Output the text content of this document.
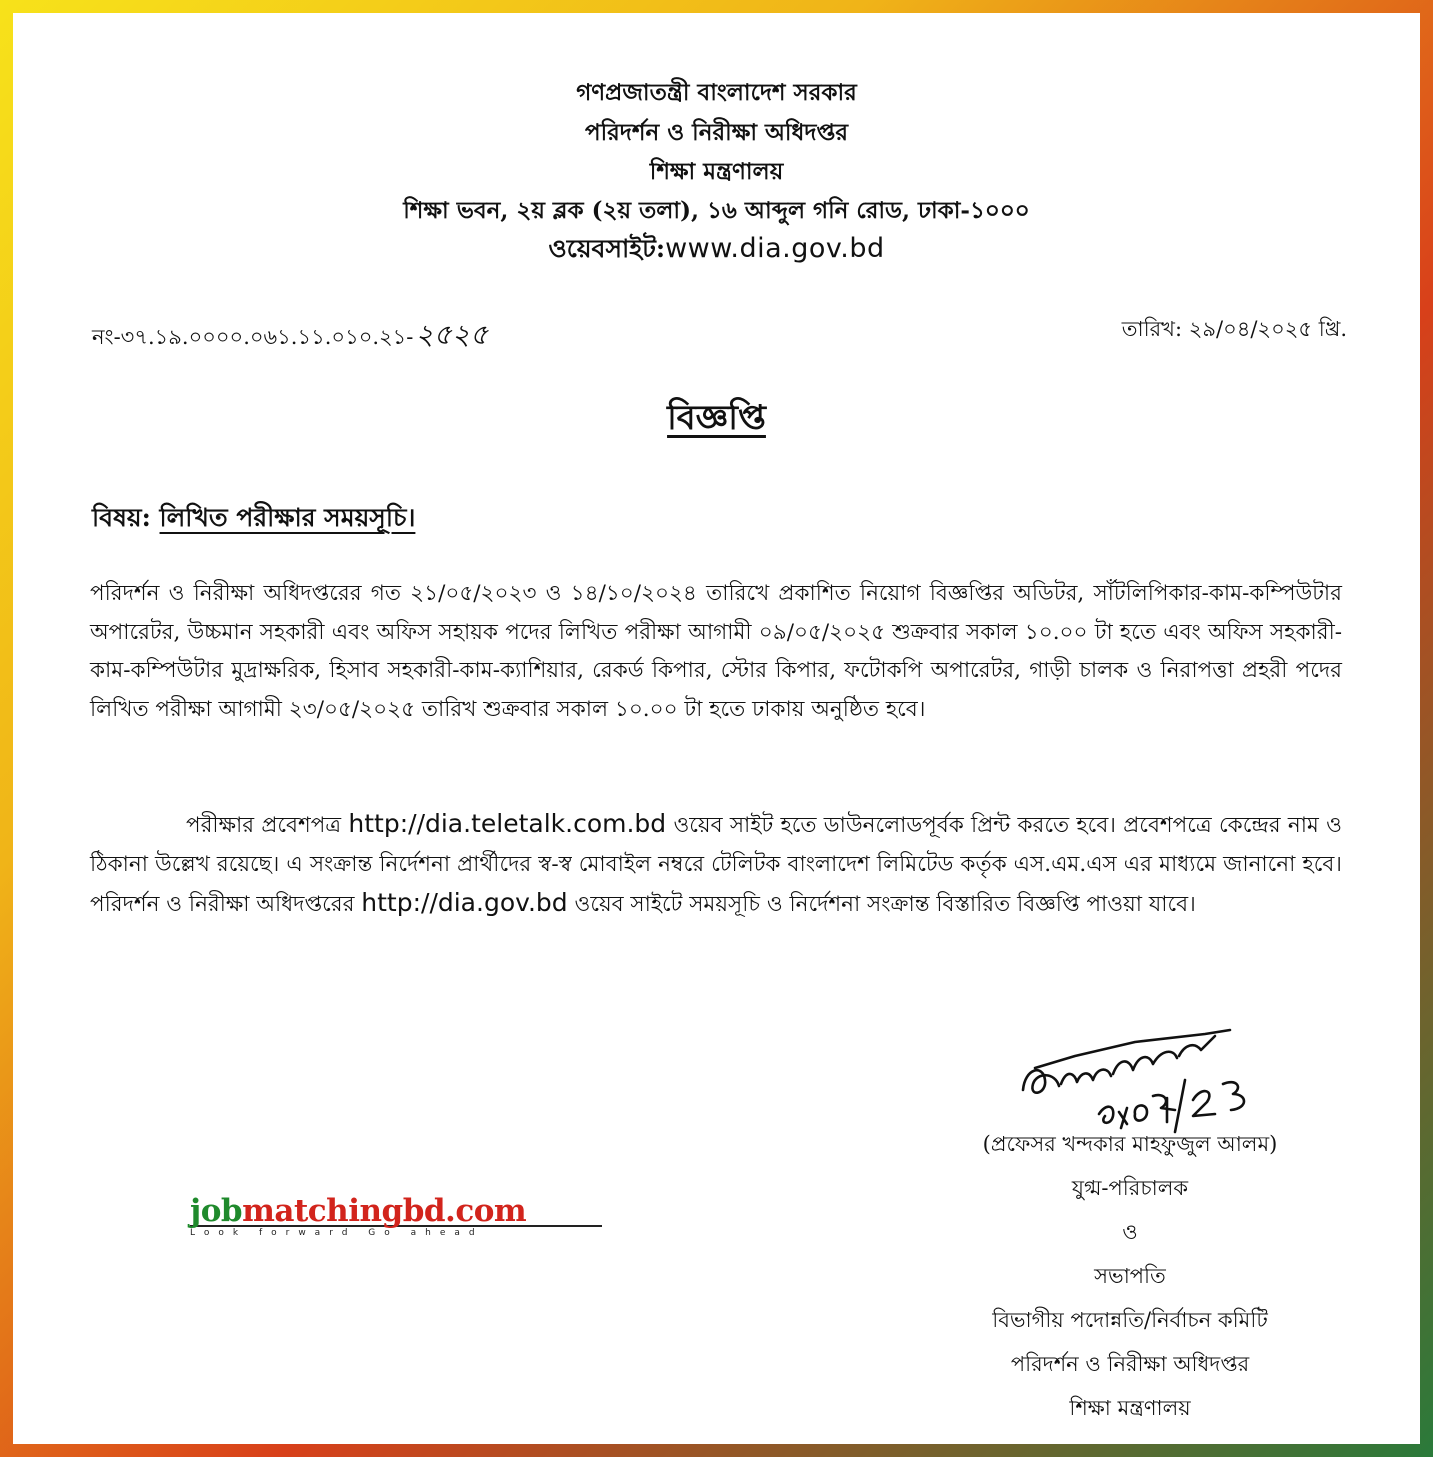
গণপ্রজাতন্ত্রী বাংলাদেশ সরকার
পরিদর্শন ও নিরীক্ষা অধিদপ্তর
শিক্ষা মন্ত্রণালয়
শিক্ষা ভবন, ২য় ব্লক (২য় তলা), ১৬ আব্দুল গনি রোড, ঢাকা-১০০০
ওয়েবসাইট:www.dia.gov.bd
নং-৩৭.১৯.০০০০.০৬১.১১.০১০.২১-২৫২৫	তারিখ: ২৯/০৪/২০২৫ খ্রি.
বিজ্ঞপ্তি
বিষয়: লিখিত পরীক্ষার সময়সূচি।
পরিদর্শন ও নিরীক্ষা অধিদপ্তরের গত ২১/০৫/২০২৩ ও ১৪/১০/২০২৪ তারিখে প্রকাশিত নিয়োগ বিজ্ঞপ্তির অডিটর, সাঁটলিপিকার-কাম-কম্পিউটার অপারেটর, উচ্চমান সহকারী এবং অফিস সহায়ক পদের লিখিত পরীক্ষা আগামী ০৯/০৫/২০২৫ শুক্রবার সকাল ১০.০০ টা হতে এবং অফিস সহকারী-কাম-কম্পিউটার মুদ্রাক্ষরিক, হিসাব সহকারী-কাম-ক্যাশিয়ার, রেকর্ড কিপার, স্টোর কিপার, ফটোকপি অপারেটর, গাড়ী চালক ও নিরাপত্তা প্রহরী পদের লিখিত পরীক্ষা আগামী ২৩/০৫/২০২৫ তারিখ শুক্রবার সকাল ১০.০০ টা হতে ঢাকায় অনুষ্ঠিত হবে।
পরীক্ষার প্রবেশপত্র http://dia.teletalk.com.bd ওয়েব সাইট হতে ডাউনলোডপূর্বক প্রিন্ট করতে হবে। প্রবেশপত্রে কেন্দ্রের নাম ও ঠিকানা উল্লেখ রয়েছে। এ সংক্রান্ত নির্দেশনা প্রার্থীদের স্ব-স্ব মোবাইল নম্বরে টেলিটক বাংলাদেশ লিমিটেড কর্তৃক এস.এম.এস এর মাধ্যমে জানানো হবে। পরিদর্শন ও নিরীক্ষা অধিদপ্তরের http://dia.gov.bd ওয়েব সাইটে সময়সূচি ও নির্দেশনা সংক্রান্ত বিস্তারিত বিজ্ঞপ্তি পাওয়া যাবে।
(প্রফেসর খন্দকার মাহফুজুল আলম)
যুগ্ম-পরিচালক
ও
সভাপতি
বিভাগীয় পদোন্নতি/নির্বাচন কমিটি
পরিদর্শন ও নিরীক্ষা অধিদপ্তর
শিক্ষা মন্ত্রণালয়
jobmatchingbd.com
Look forward Go ahead
